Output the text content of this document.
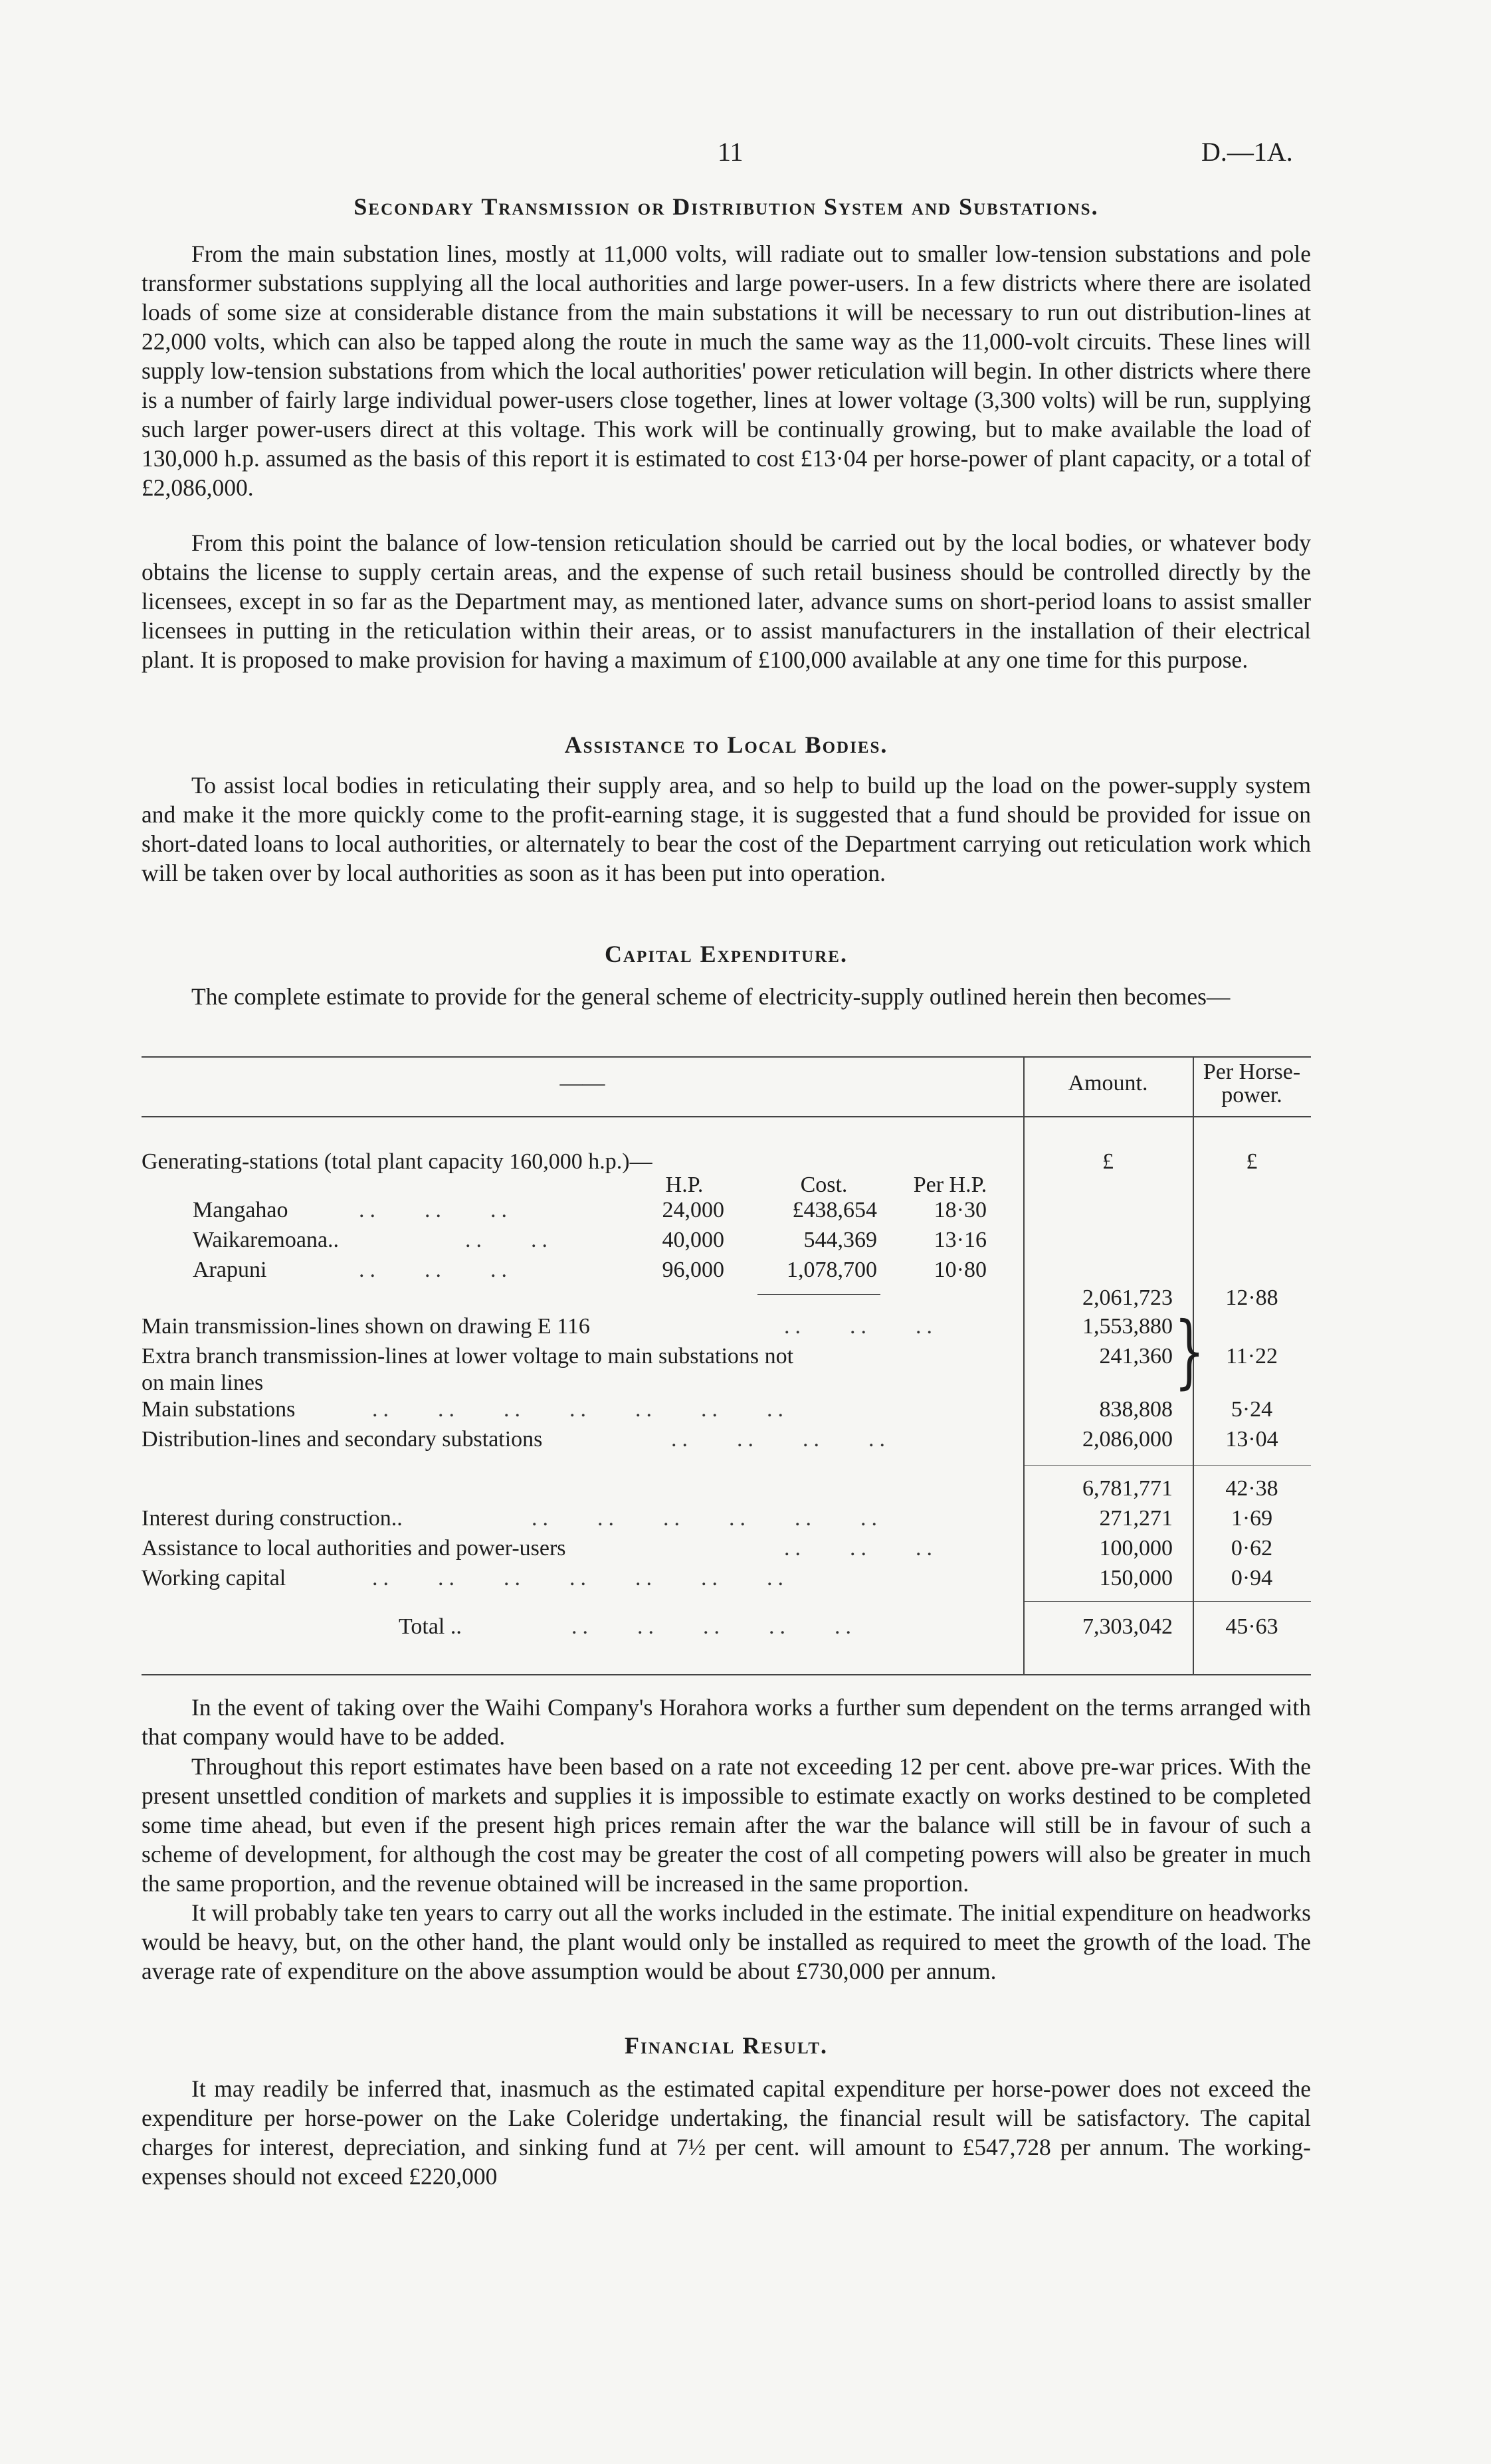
11	D.—1A.
Secondary Transmission or Distribution System and Substations.

From the main substation lines, mostly at 11,000 volts, will radiate out to smaller low-tension substations and pole transformer substations supplying all the local authorities and large power-users. In a few districts where there are isolated loads of some size at considerable distance from the main substations it will be necessary to run out distribution-lines at 22,000 volts, which can also be tapped along the route in much the same way as the 11,000-volt circuits. These lines will supply low-tension substations from which the local authorities' power reticulation will begin. In other districts where there is a number of fairly large individual power-users close together, lines at lower voltage (3,300 volts) will be run, supplying such larger power-users direct at this voltage. This work will be continually growing, but to make available the load of 130,000 h.p. assumed as the basis of this report it is estimated to cost £13·04 per horse-power of plant capacity, or a total of £2,086,000.

From this point the balance of low-tension reticulation should be carried out by the local bodies, or whatever body obtains the license to supply certain areas, and the expense of such retail business should be controlled directly by the licensees, except in so far as the Department may, as mentioned later, advance sums on short-period loans to assist smaller licensees in putting in the reticulation within their areas, or to assist manufacturers in the installation of their electrical plant. It is proposed to make provision for having a maximum of £100,000 available at any one time for this purpose.

Assistance to Local Bodies.

To assist local bodies in reticulating their supply area, and so help to build up the load on the power-supply system and make it the more quickly come to the profit-earning stage, it is suggested that a fund should be provided for issue on short-dated loans to local authorities, or alternately to bear the cost of the Department carrying out reticulation work which will be taken over by local authorities as soon as it has been put into operation.

Capital Expenditure.

The complete estimate to provide for the general scheme of electricity-supply outlined herein then becomes—

——	Amount.	Per Horse-
power.
Generating-stations (total plant capacity 160,000 h.p.)—	£	£
H.P.	Cost.	Per H.P.
Mangahao	..    ..    ..	24,000	£438,654	18·30
Waikaremoana..	..    ..	40,000	544,369	13·16
Arapuni	..    ..    ..	96,000	1,078,700	10·80
2,061,723	12·88
Main transmission-lines shown on drawing E 116	..    ..    ..	1,553,880
Extra branch transmission-lines at lower voltage to main substations not
on main lines
241,360 } 11·22
Main substations	..    ..    ..    ..    ..    ..    ..	838,808	5·24
Distribution-lines and secondary substations	..    ..    ..    ..	2,086,000	13·04
6,781,771	42·38
Interest during construction..	..    ..    ..    ..    ..    ..	271,271	1·69
Assistance to local authorities and power-users	..    ..    ..	100,000	0·62
Working capital	..    ..    ..    ..    ..    ..    ..	150,000	0·94
Total ..	..    ..    ..    ..    ..	7,303,042	45·63

In the event of taking over the Waihi Company's Horahora works a further sum dependent on the terms arranged with that company would have to be added.

Throughout this report estimates have been based on a rate not exceeding 12 per cent. above pre-war prices. With the present unsettled condition of markets and supplies it is impossible to estimate exactly on works destined to be completed some time ahead, but even if the present high prices remain after the war the balance will still be in favour of such a scheme of development, for although the cost may be greater the cost of all competing powers will also be greater in much the same proportion, and the revenue obtained will be increased in the same proportion.

It will probably take ten years to carry out all the works included in the estimate. The initial expenditure on headworks would be heavy, but, on the other hand, the plant would only be installed as required to meet the growth of the load. The average rate of expenditure on the above assumption would be about £730,000 per annum.

Financial Result.

It may readily be inferred that, inasmuch as the estimated capital expenditure per horse-power does not exceed the expenditure per horse-power on the Lake Coleridge undertaking, the financial result will be satisfactory. The capital charges for interest, depreciation, and sinking fund at 7½ per cent. will amount to £547,728 per annum. The working-expenses should not exceed £220,000
